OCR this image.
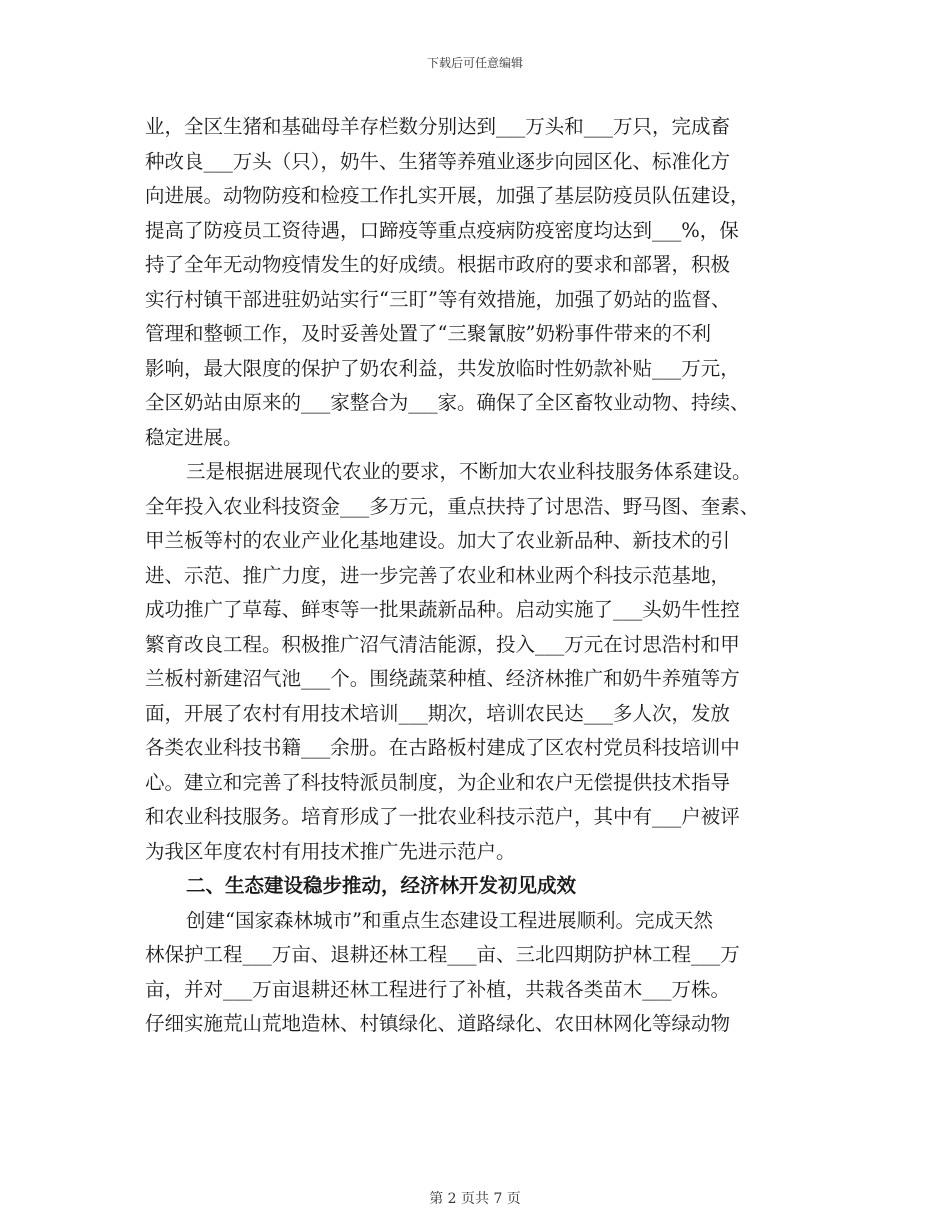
下载后可任意编辑
业，全区生猪和基础母羊存栏数分别达到___万头和___万只，完成畜
种改良___万头（只），奶牛、生猪等养殖业逐步向园区化、标准化方
向进展。动物防疫和检疫工作扎实开展，加强了基层防疫员队伍建设，
提高了防疫员工资待遇，口蹄疫等重点疫病防疫密度均达到___%，保
持了全年无动物疫情发生的好成绩。根据市政府的要求和部署，积极
实行村镇干部进驻奶站实行“三盯”等有效措施，加强了奶站的监督、
管理和整顿工作，及时妥善处置了“三聚氰胺”奶粉事件带来的不利
影响，最大限度的保护了奶农利益，共发放临时性奶款补贴___万元，
全区奶站由原来的___家整合为___家。确保了全区畜牧业动物、持续、
稳定进展。
三是根据进展现代农业的要求，不断加大农业科技服务体系建设。
全年投入农业科技资金___多万元，重点扶持了讨思浩、野马图、奎素、
甲兰板等村的农业产业化基地建设。加大了农业新品种、新技术的引
进、示范、推广力度，进一步完善了农业和林业两个科技示范基地，
成功推广了草莓、鲜枣等一批果蔬新品种。启动实施了___头奶牛性控
繁育改良工程。积极推广沼气清洁能源，投入___万元在讨思浩村和甲
兰板村新建沼气池___个。围绕蔬菜种植、经济林推广和奶牛养殖等方
面，开展了农村有用技术培训___期次，培训农民达___多人次，发放
各类农业科技书籍___余册。在古路板村建成了区农村党员科技培训中
心。建立和完善了科技特派员制度，为企业和农户无偿提供技术指导
和农业科技服务。培育形成了一批农业科技示范户，其中有___户被评
为我区年度农村有用技术推广先进示范户。
二、生态建设稳步推动，经济林开发初见成效
创建“国家森林城市”和重点生态建设工程进展顺利。完成天然
林保护工程___万亩、退耕还林工程___亩、三北四期防护林工程___万
亩，并对___万亩退耕还林工程进行了补植，共栽各类苗木___万株。
仔细实施荒山荒地造林、村镇绿化、道路绿化、农田林网化等绿动物
第 2 页共 7 页
